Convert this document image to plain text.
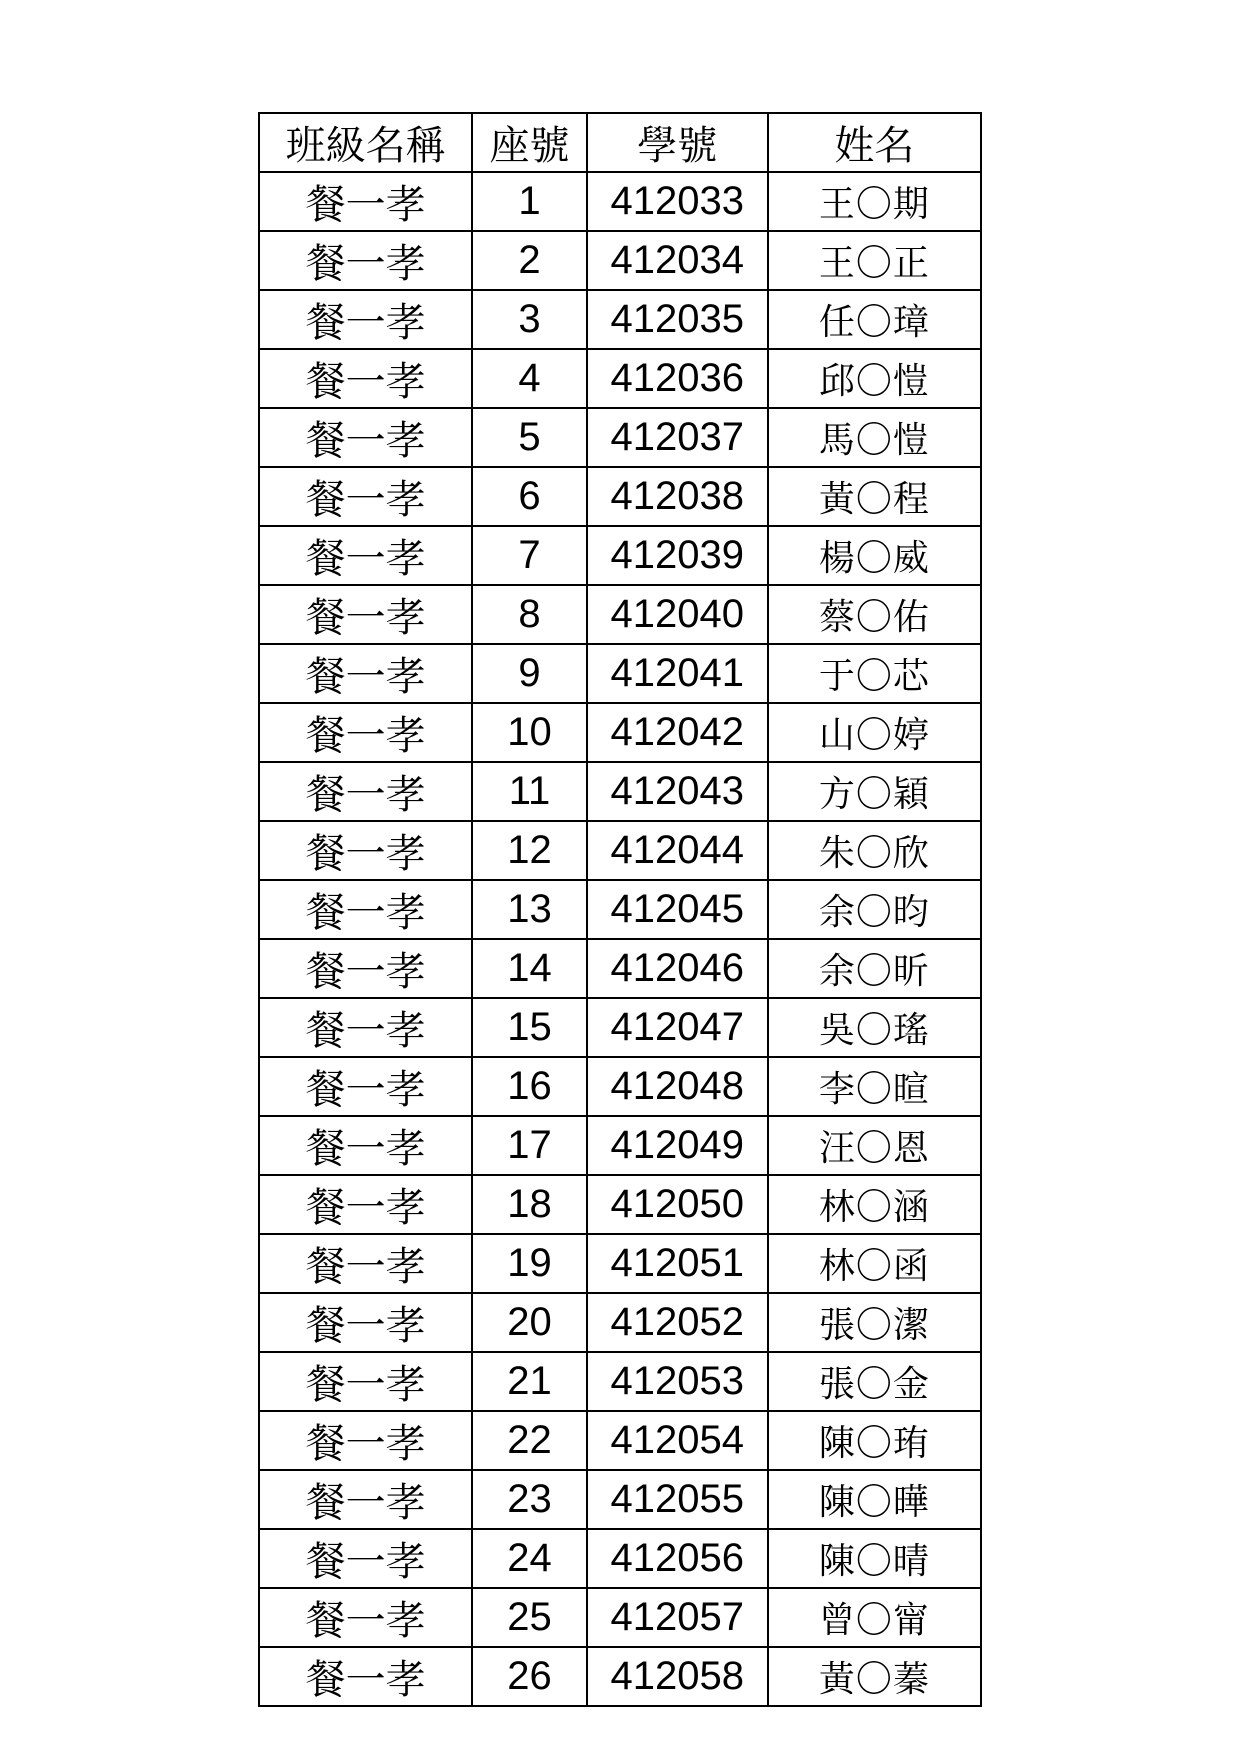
班級名稱	座號	學號	姓名
餐一孝	1	412033	王〇期
餐一孝	2	412034	王〇正
餐一孝	3	412035	任〇璋
餐一孝	4	412036	邱〇愷
餐一孝	5	412037	馬〇愷
餐一孝	6	412038	黃〇程
餐一孝	7	412039	楊〇威
餐一孝	8	412040	蔡〇佑
餐一孝	9	412041	于〇芯
餐一孝	10	412042	山〇婷
餐一孝	11	412043	方〇穎
餐一孝	12	412044	朱〇欣
餐一孝	13	412045	余〇昀
餐一孝	14	412046	余〇昕
餐一孝	15	412047	吳〇瑤
餐一孝	16	412048	李〇暄
餐一孝	17	412049	汪〇恩
餐一孝	18	412050	林〇涵
餐一孝	19	412051	林〇函
餐一孝	20	412052	張〇潔
餐一孝	21	412053	張〇金
餐一孝	22	412054	陳〇珛
餐一孝	23	412055	陳〇曄
餐一孝	24	412056	陳〇晴
餐一孝	25	412057	曾〇甯
餐一孝	26	412058	黃〇蓁
